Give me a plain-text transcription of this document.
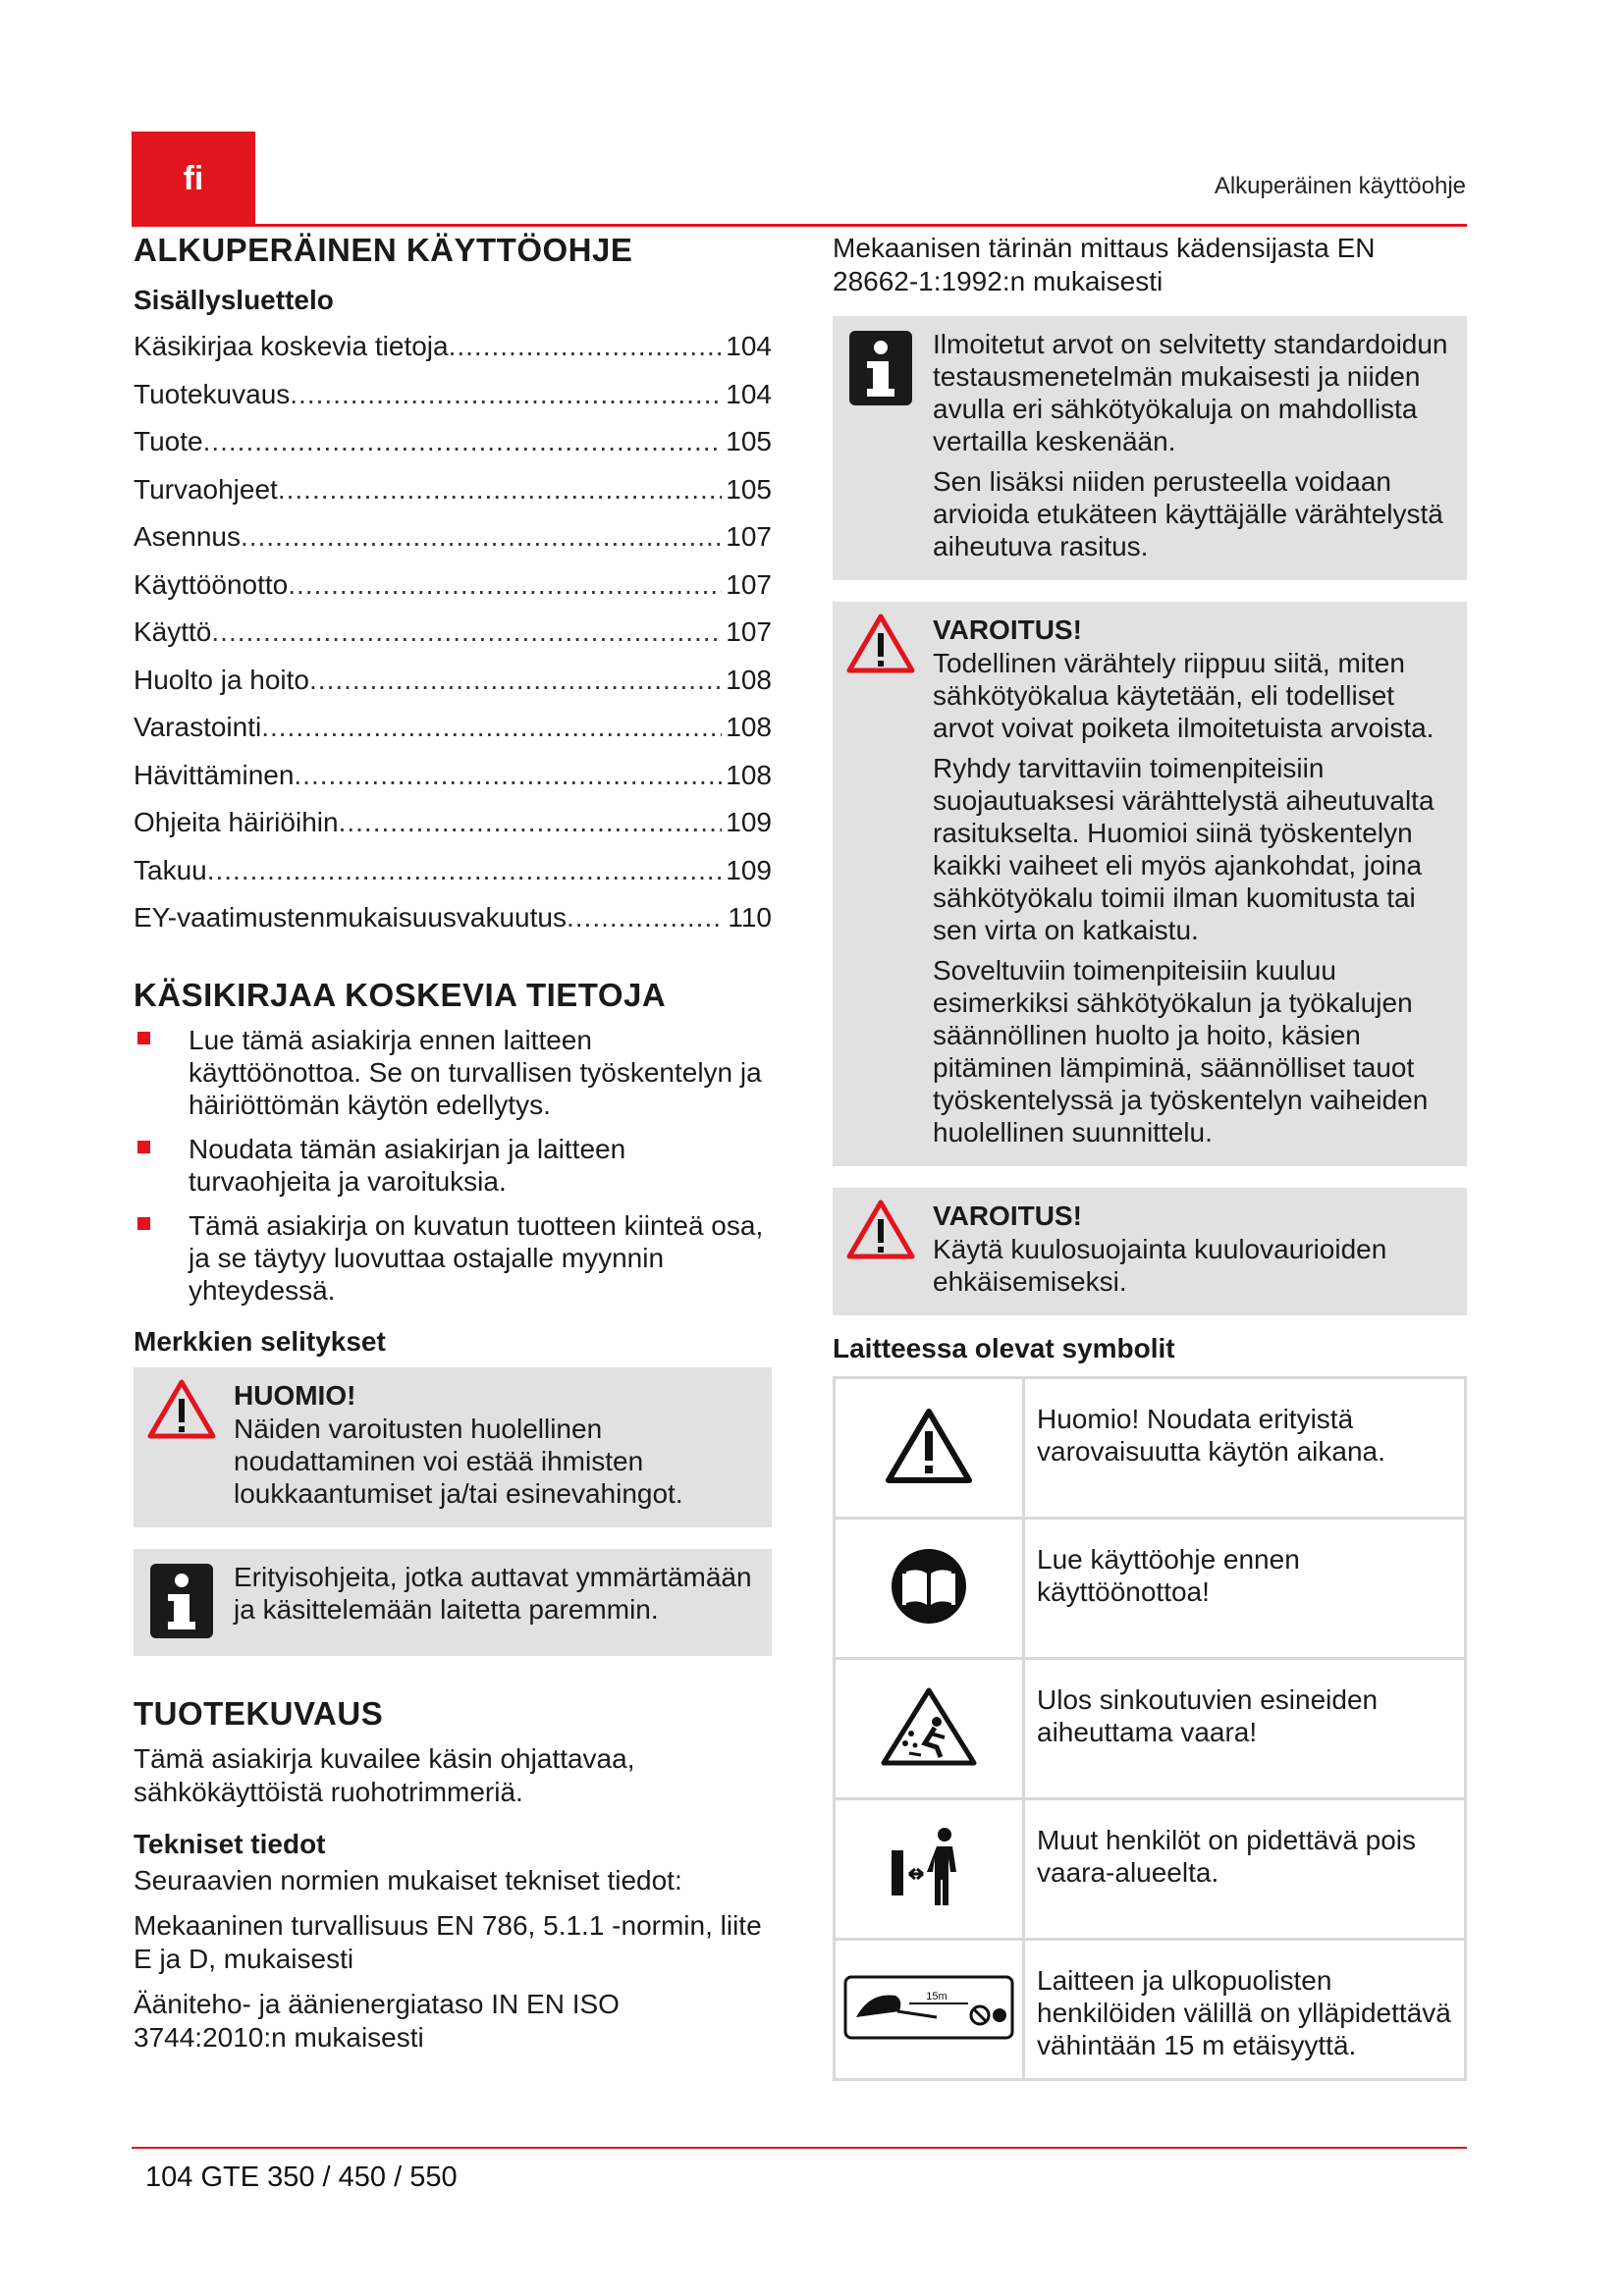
fi	Alkuperäinen käyttöohje
ALKUPERÄINEN KÄYTTÖOHJE
Sisällysluettelo
Käsikirjaa koskevia tietoja .....	104
Tuotekuvaus .....	104
Tuote .....	105
Turvaohjeet .....	105
Asennus .....	107
Käyttöönotto .....	107
Käyttö .....	107
Huolto ja hoito .....	108
Varastointi .....	108
Hävittäminen .....	108
Ohjeita häiriöihin .....	109
Takuu .....	109
EY-vaatimustenmukaisuusvakuutus .....	110
KÄSIKIRJAA KOSKEVIA TIETOJA
Lue tämä asiakirja ennen laitteen käyttöönottoa. Se on turvallisen työskentelyn ja häiriöttömän käytön edellytys.
Noudata tämän asiakirjan ja laitteen turvaohjeita ja varoituksia.
Tämä asiakirja on kuvatun tuotteen kiinteä osa, ja se täytyy luovuttaa ostajalle myynnin yhteydessä.
Merkkien selitykset
HUOMIO!

Näiden varoitusten huolellinen noudattaminen voi estää ihmisten loukkaantumiset ja/tai esinevahingot.

Erityisohjeita, jotka auttavat ymmärtämään ja käsittelemään laitetta paremmin.

TUOTEKUVAUS

Tämä asiakirja kuvailee käsin ohjattavaa, sähkökäyttöistä ruohotrimmeriä.

Tekniset tiedot

Seuraavien normien mukaiset tekniset tiedot:

Mekaaninen turvallisuus EN 786, 5.1.1 -normin, liite E ja D, mukaisesti

Ääniteho- ja äänienergiataso IN EN ISO 3744:2010:n mukaisesti

Mekaanisen tärinän mittaus kädensijasta EN 28662-1:1992:n mukaisesti

Ilmoitetut arvot on selvitetty standardoidun testausmenetelmän mukaisesti ja niiden avulla eri sähkötyökaluja on mahdollista vertailla keskenään.

Sen lisäksi niiden perusteella voidaan arvioida etukäteen käyttäjälle värähtelystä aiheutuva rasitus.

VAROITUS!

Todellinen värähtely riippuu siitä, miten sähkötyökalua käytetään, eli todelliset arvot voivat poiketa ilmoitetuista arvoista.

Ryhdy tarvittaviin toimenpiteisiin suojautuaksesi värähttelystä aiheutuvalta rasitukselta. Huomioi siinä työskentelyn kaikki vaiheet eli myös ajankohdat, joina sähkötyökalu toimii ilman kuomitusta tai sen virta on katkaistu.

Soveltuviin toimenpiteisiin kuuluu esimerkiksi sähkötyökalun ja työkalujen säännöllinen huolto ja hoito, käsien pitäminen lämpiminä, säännölliset tauot työskentelyssä ja työskentelyn vaiheiden huolellinen suunnittelu.

VAROITUS!

Käytä kuulosuojainta kuulovaurioiden ehkäisemiseksi.

Laitteessa olevat symbolit
	Huomio! Noudata erityistä varovaisuutta käytön aikana.
	Lue käyttöohje ennen käyttöönottoa!
	Ulos sinkoutuvien esineiden aiheuttama vaara!
	Muut henkilöt on pidettävä pois vaara-alueelta.

15m	Laitteen ja ulkopuolisten henkilöiden välillä on ylläpidettävä vähintään 15 m etäisyyttä.
104 GTE 350 / 450 / 550
